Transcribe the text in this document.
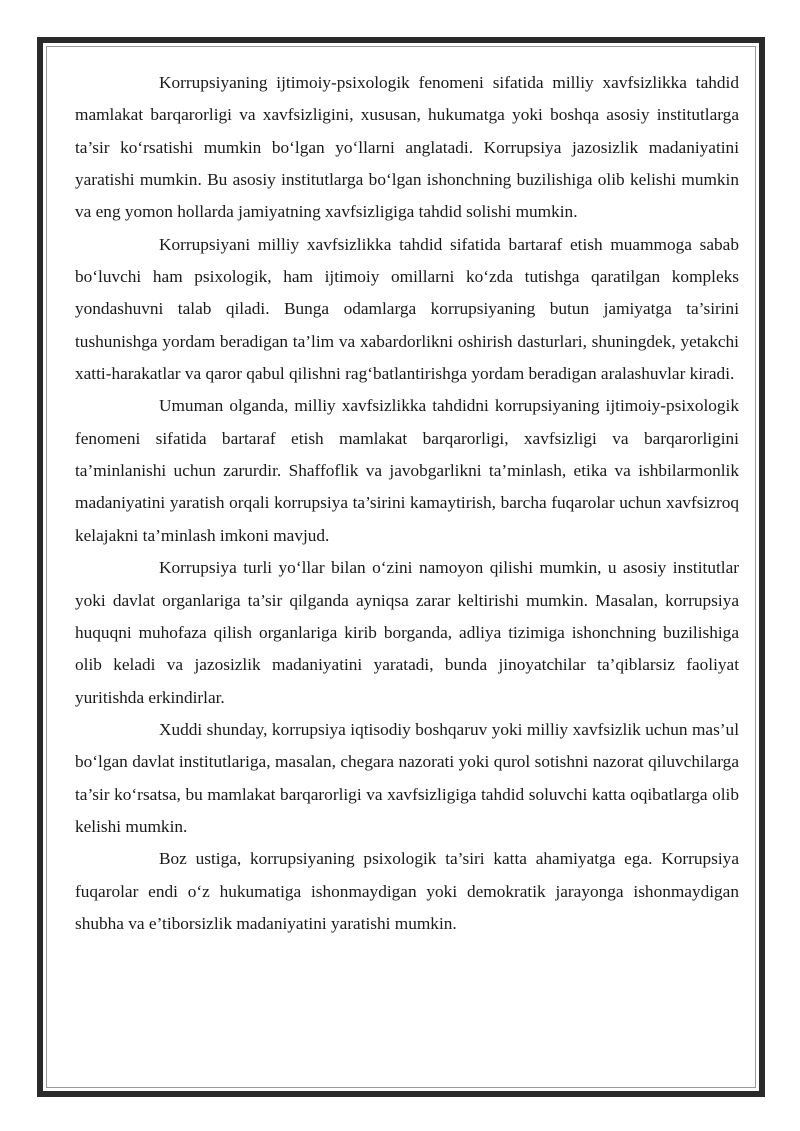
Korrupsiyaning ijtimoiy-psixologik fenomeni sifatida milliy xavfsizlikka tahdid mamlakat barqarorligi va xavfsizligini, xususan, hukumatga yoki boshqa asosiy institutlarga ta’sir ko‘rsatishi mumkin bo‘lgan yo‘llarni anglatadi. Korrupsiya jazosizlik madaniyatini yaratishi mumkin. Bu asosiy institutlarga bo‘lgan ishonchning buzilishiga olib kelishi mumkin va eng yomon hollarda jamiyatning xavfsizligiga tahdid solishi mumkin.

Korrupsiyani milliy xavfsizlikka tahdid sifatida bartaraf etish muammoga sabab bo‘luvchi ham psixologik, ham ijtimoiy omillarni ko‘zda tutishga qaratilgan kompleks yondashuvni talab qiladi. Bunga odamlarga korrupsiyaning butun jamiyatga ta’sirini tushunishga yordam beradigan ta’lim va xabardorlikni oshirish dasturlari, shuningdek, yetakchi xatti-harakatlar va qaror qabul qilishni rag‘batlantirishga yordam beradigan aralashuvlar kiradi.

Umuman olganda, milliy xavfsizlikka tahdidni korrupsiyaning ijtimoiy-psixologik fenomeni sifatida bartaraf etish mamlakat barqarorligi, xavfsizligi va barqarorligini ta’minlanishi uchun zarurdir. Shaffoflik va javobgarlikni ta’minlash, etika va ishbilarmonlik madaniyatini yaratish orqali korrupsiya ta’sirini kamaytirish, barcha fuqarolar uchun xavfsizroq kelajakni ta’minlash imkoni mavjud.

Korrupsiya turli yo‘llar bilan o‘zini namoyon qilishi mumkin, u asosiy institutlar yoki davlat organlariga ta’sir qilganda ayniqsa zarar keltirishi mumkin. Masalan, korrupsiya huquqni muhofaza qilish organlariga kirib borganda, adliya tizimiga ishonchning buzilishiga olib keladi va jazosizlik madaniyatini yaratadi, bunda jinoyatchilar ta’qiblarsiz faoliyat yuritishda erkindirlar.

Xuddi shunday, korrupsiya iqtisodiy boshqaruv yoki milliy xavfsizlik uchun mas’ul bo‘lgan davlat institutlariga, masalan, chegara nazorati yoki qurol sotishni nazorat qiluvchilarga ta’sir ko‘rsatsa, bu mamlakat barqarorligi va xavfsizligiga tahdid soluvchi katta oqibatlarga olib kelishi mumkin.

Boz ustiga, korrupsiyaning psixologik ta’siri katta ahamiyatga ega. Korrupsiya fuqarolar endi o‘z hukumatiga ishonmaydigan yoki demokratik jarayonga ishonmaydigan shubha va e’tiborsizlik madaniyatini yaratishi mumkin.
